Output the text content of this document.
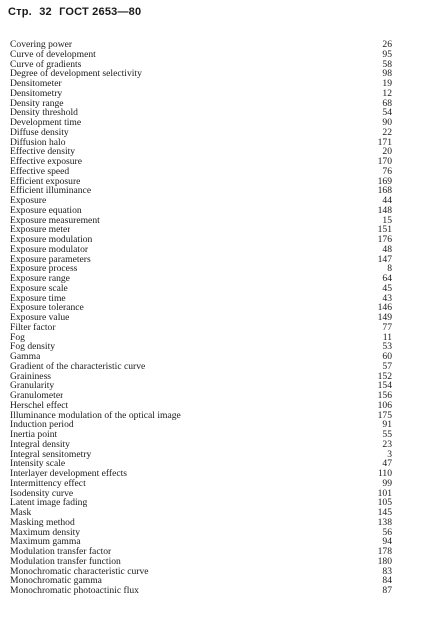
Стр. 32 ГОСТ 2653—80
Covering power	26
Curve of development	95
Curve of gradients	58
Degree of development selectivity	98
Densitometer	19
Densitometry	12
Density range	68
Density threshold	54
Development time	90
Diffuse density	22
Diffusion halo	171
Effective density	20
Effective exposure	170
Effective speed	76
Efficient exposure	169
Efficient illuminance	168
Exposure	44
Exposure equation	148
Exposure measurement	15
Exposure meter	151
Exposure modulation	176
Exposure modulator	48
Exposure parameters	147
Exposure process	8
Exposure range	64
Exposure scale	45
Exposure time	43
Exposure tolerance	146
Exposure value	149
Filter factor	77
Fog	11
Fog density	53
Gamma	60
Gradient of the characteristic curve	57
Graininess	152
Granularity	154
Granulometer	156
Herschel effect	106
Illuminance modulation of the optical image	175
Induction period	91
Inertia point	55
Integral density	23
Integral sensitometry	3
Intensity scale	47
Interlayer development effects	110
Intermittency effect	99
Isodensity curve	101
Latent image fading	105
Mask	145
Masking method	138
Maximum density	56
Maximum gamma	94
Modulation transfer factor	178
Modulation transfer function	180
Monochromatic characteristic curve	83
Monochromatic gamma	84
Monochromatic photoactinic flux	87
